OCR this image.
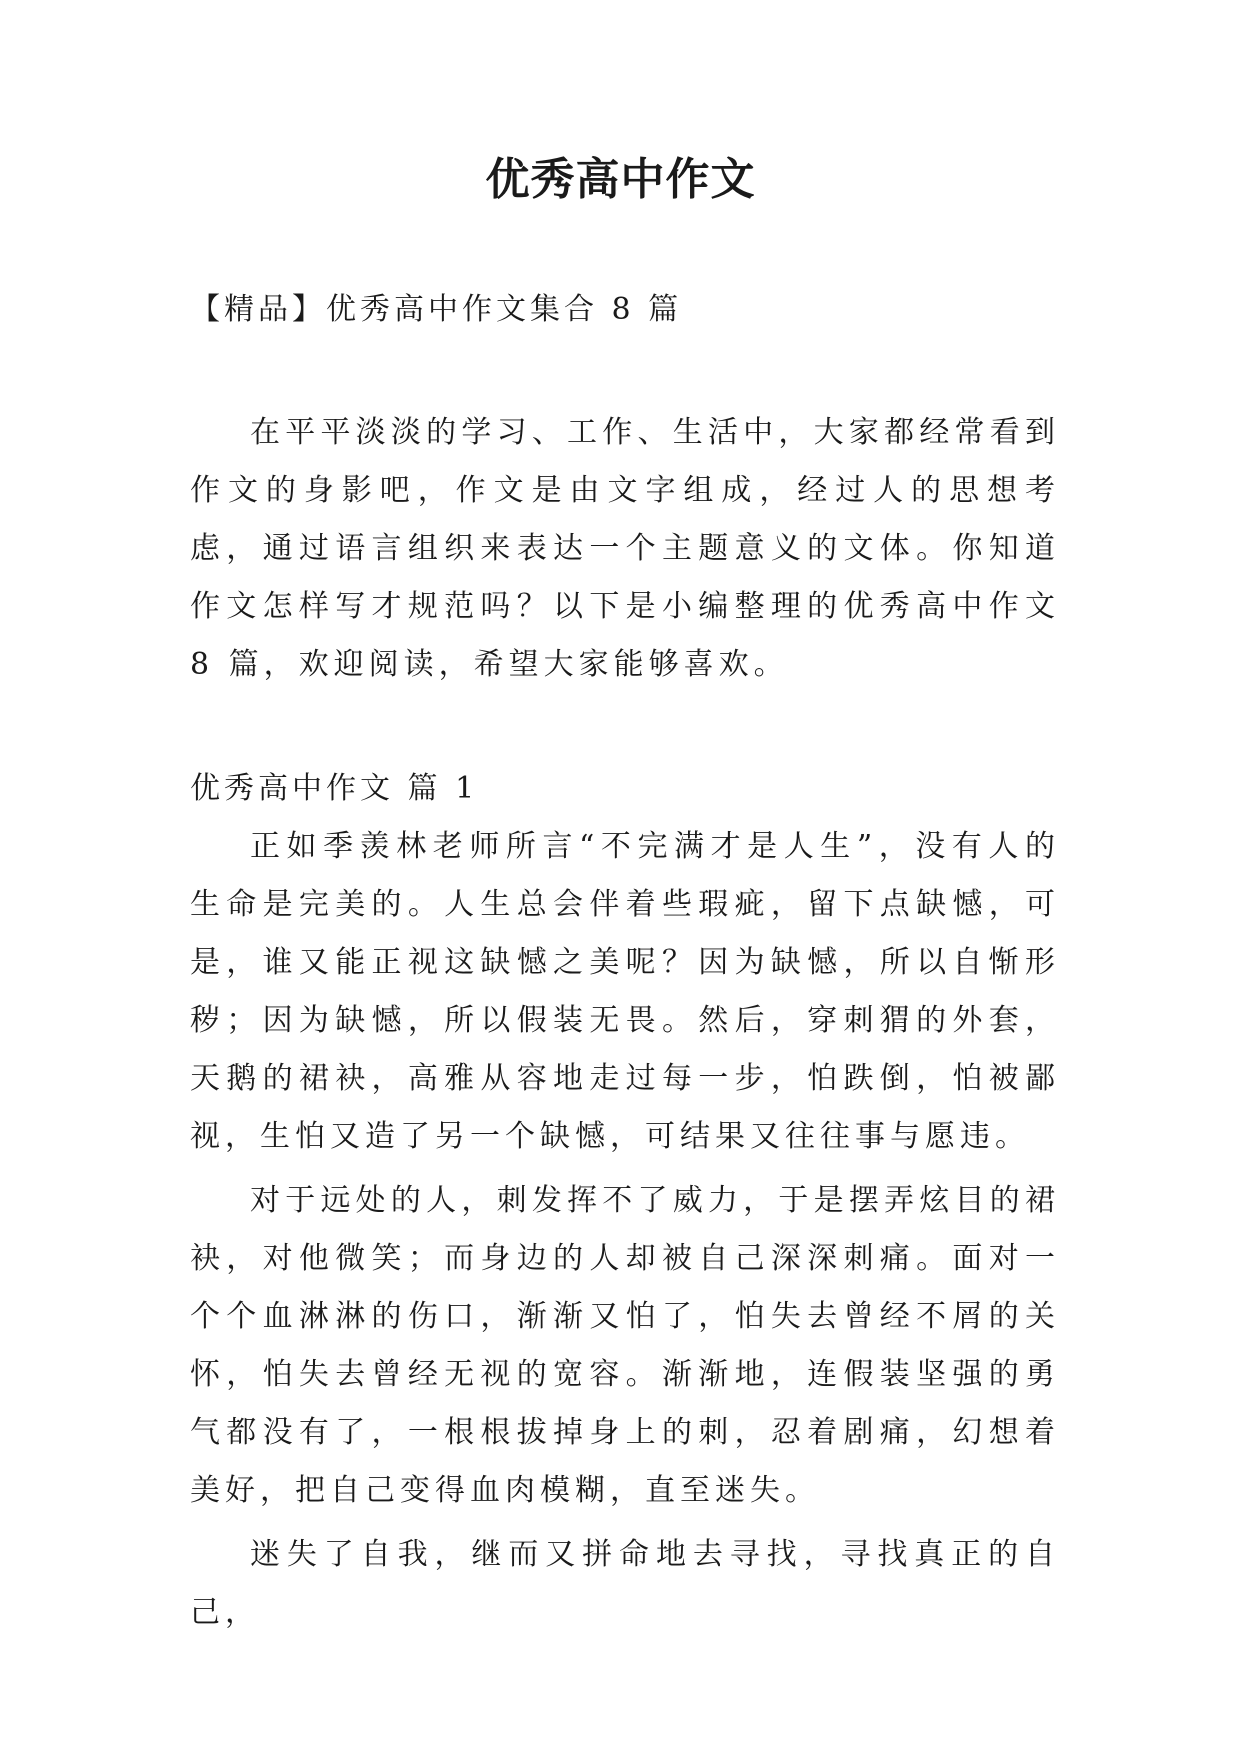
优秀高中作文

【精品】优秀高中作文集合 8 篇

在平平淡淡的学习、工作、生活中，大家都经常看到作文的身影吧，作文是由文字组成，经过人的思想考虑，通过语言组织来表达一个主题意义的文体。你知道作文怎样写才规范吗？以下是小编整理的优秀高中作文 8 篇，欢迎阅读，希望大家能够喜欢。

优秀高中作文 篇 1

正如季羡林老师所言“不完满才是人生”，没有人的生命是完美的。人生总会伴着些瑕疵，留下点缺憾，可是，谁又能正视这缺憾之美呢？因为缺憾，所以自惭形秽；因为缺憾，所以假装无畏。然后，穿刺猬的外套，天鹅的裙袂，高雅从容地走过每一步，怕跌倒，怕被鄙视，生怕又造了另一个缺憾，可结果又往往事与愿违。

对于远处的人，刺发挥不了威力，于是摆弄炫目的裙袂，对他微笑；而身边的人却被自己深深刺痛。面对一个个血淋淋的伤口，渐渐又怕了，怕失去曾经不屑的关怀，怕失去曾经无视的宽容。渐渐地，连假装坚强的勇气都没有了，一根根拔掉身上的刺，忍着剧痛，幻想着美好，把自己变得血肉模糊，直至迷失。

迷失了自我，继而又拼命地去寻找，寻找真正的自己，
